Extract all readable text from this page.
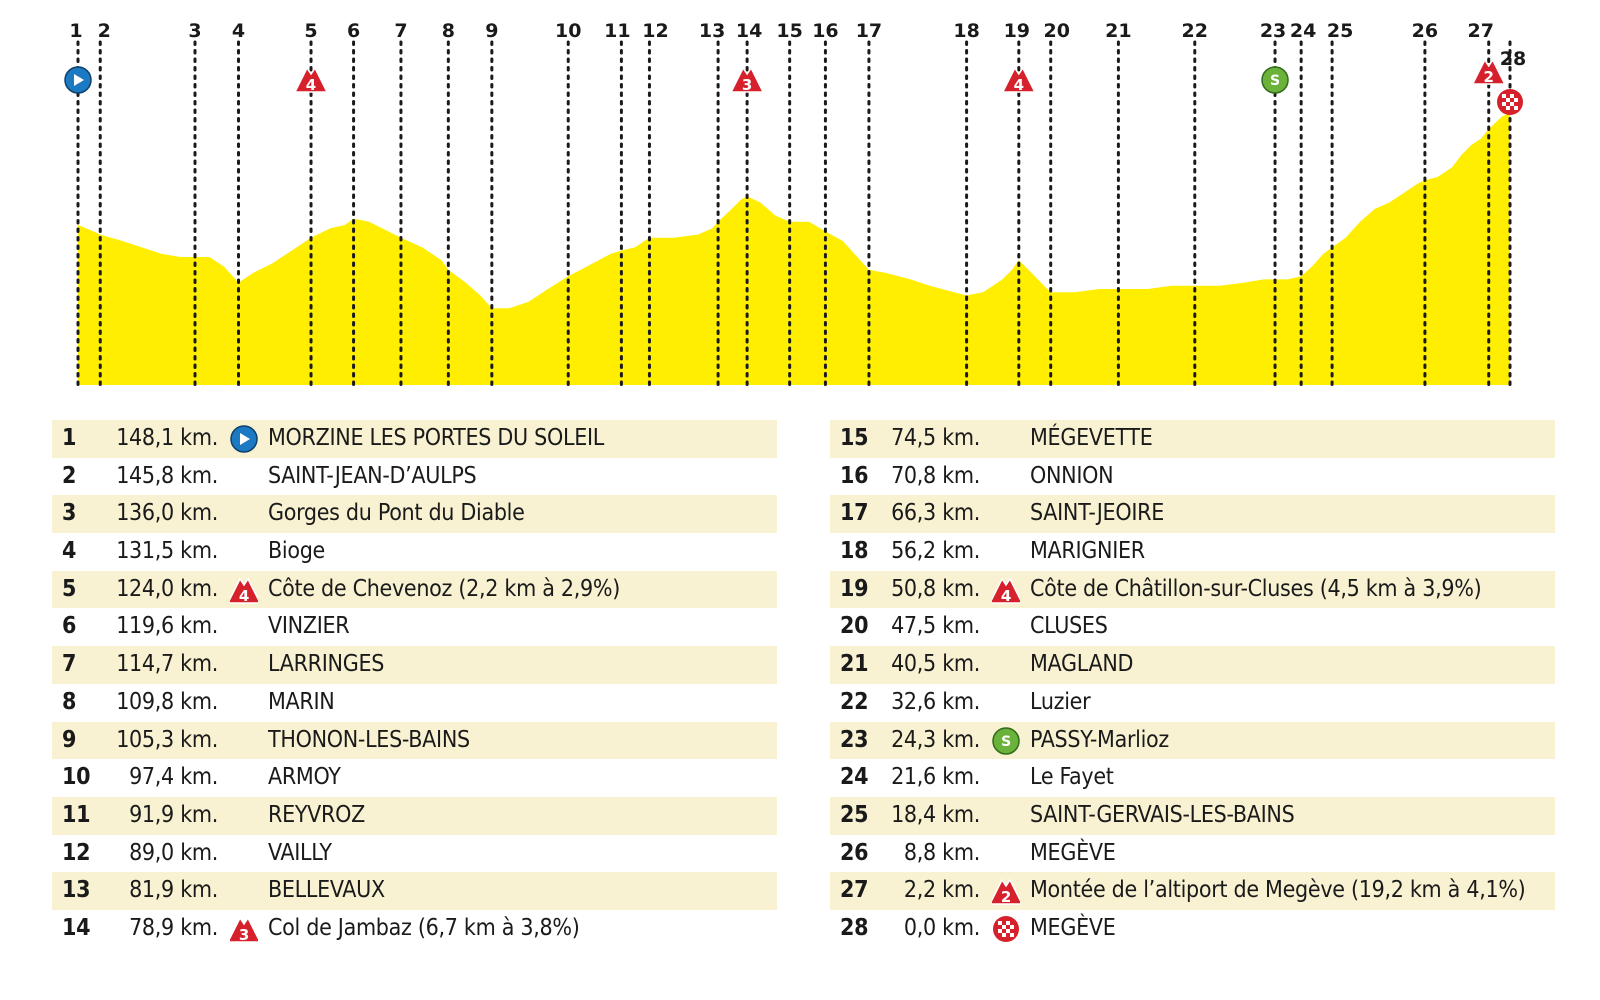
1 2	3 4	5 6 7 8 9	10 11 12 13 14 15 16 17	18 19 20 21	22	23 24 25	26 27
28
4	3	4	S	2
1	148,1 km. MORZINE LES PORTES DU SOLEIL
2	145,8 km. SAINT-JEAN-D’AULPS
3	136,0 km. Gorges du Pont du Diable
4	131,5 km. Bioge
5	124,0 km. 4 Côte de Chevenoz (2,2 km à 2,9%)
6	119,6 km. VINZIER
7	114,7 km. LARRINGES
8	109,8 km. MARIN
9	105,3 km. THONON-LES-BAINS
10	97,4 km. ARMOY
11	91,9 km. REYVROZ
12	89,0 km. VAILLY
13	81,9 km. BELLEVAUX
14	78,9 km. 3 Col de Jambaz (6,7 km à 3,8%)
15 74,5 km. MÉGEVETTE
16 70,8 km. ONNION
17 66,3 km. SAINT-JEOIRE
18 56,2 km. MARIGNIER
19 50,8 km. 4 Côte de Châtillon-sur-Cluses (4,5 km à 3,9%)
20 47,5 km. CLUSES
21 40,5 km. MAGLAND
22 32,6 km. Luzier
23 24,3 km. S PASSY-Marlioz
24 21,6 km. Le Fayet
25 18,4 km. SAINT-GERVAIS-LES-BAINS
26	8,8 km. MEGÈVE
27	2,2 km. 2 Montée de l’altiport de Megève (19,2 km à 4,1%)
28	0,0 km. MEGÈVE
